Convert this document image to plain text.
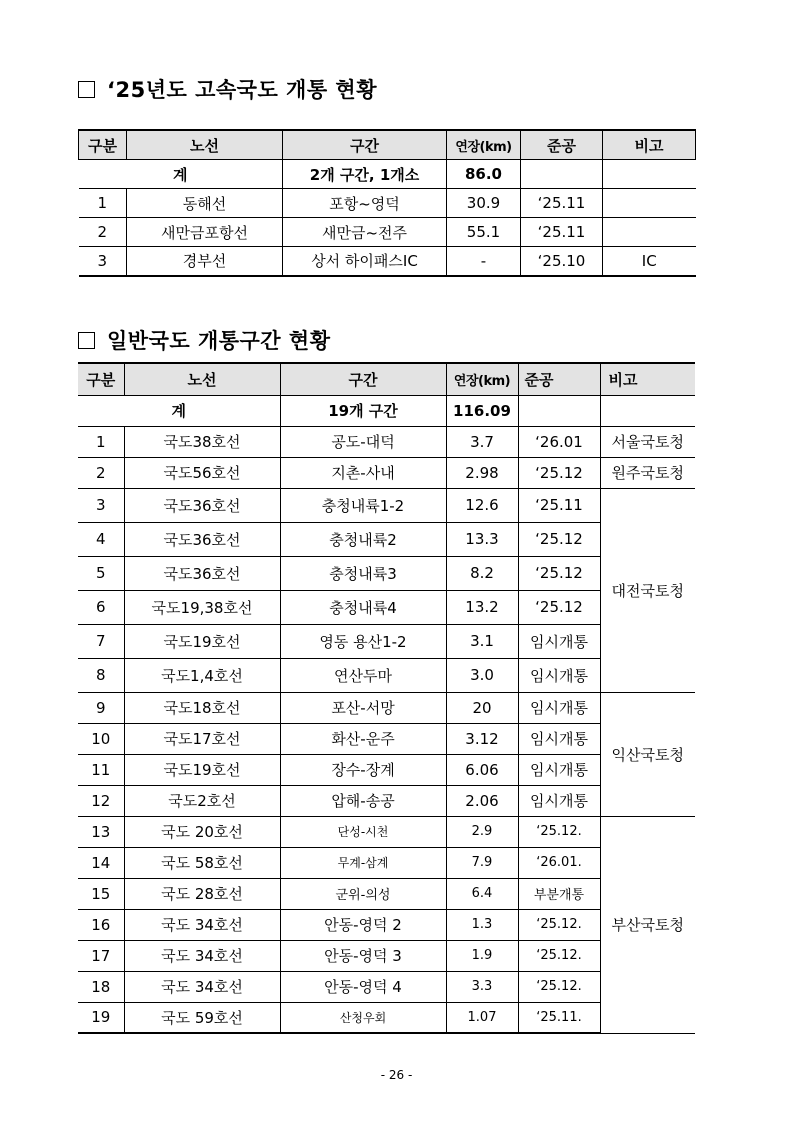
‘25년도 고속국도 개통 현황
구분	노선	구간	연장(km)	준공	비고
계		2개 구간, 1개소	86.0		
1	동해선	포항~영덕	30.9	‘25.11	
2	새만금포항선	새만금~전주	55.1	‘25.11	
3	경부선	상서 하이패스IC	-	‘25.10	IC
일반국도 개통구간 현황
구분	노선	구간	연장(km)	준공	비고
계		19개 구간	116.09		
1	국도38호선	공도-대덕	3.7	‘26.01	서울국토청
2	국도56호선	지촌-사내	2.98	‘25.12	원주국토청
3	국도36호선	충청내륙1-2	12.6	‘25.11	대전국토청
4	국도36호선	충청내륙2	13.3	‘25.12	
5	국도36호선	충청내륙3	8.2	‘25.12	
6	국도19,38호선	충청내륙4	13.2	‘25.12	
7	국도19호선	영동 용산1-2	3.1	임시개통	
8	국도1,4호선	연산두마	3.0	임시개통	
9	국도18호선	포산-서망	20	임시개통	익산국토청
10	국도17호선	화산-운주	3.12	임시개통	
11	국도19호선	장수-장계	6.06	임시개통	
12	국도2호선	압해-송공	2.06	임시개통	
13	국도 20호선	단성-시천	2.9	‘25.12.	부산국토청
14	국도 58호선	무계-삼계	7.9	‘26.01.	
15	국도 28호선	군위-의성	6.4	부분개통	
16	국도 34호선	안동-영덕 2	1.3	‘25.12.	
17	국도 34호선	안동-영덕 3	1.9	‘25.12.	
18	국도 34호선	안동-영덕 4	3.3	‘25.12.	
19	국도 59호선	산청우회	1.07	‘25.11.	
- 26 -
